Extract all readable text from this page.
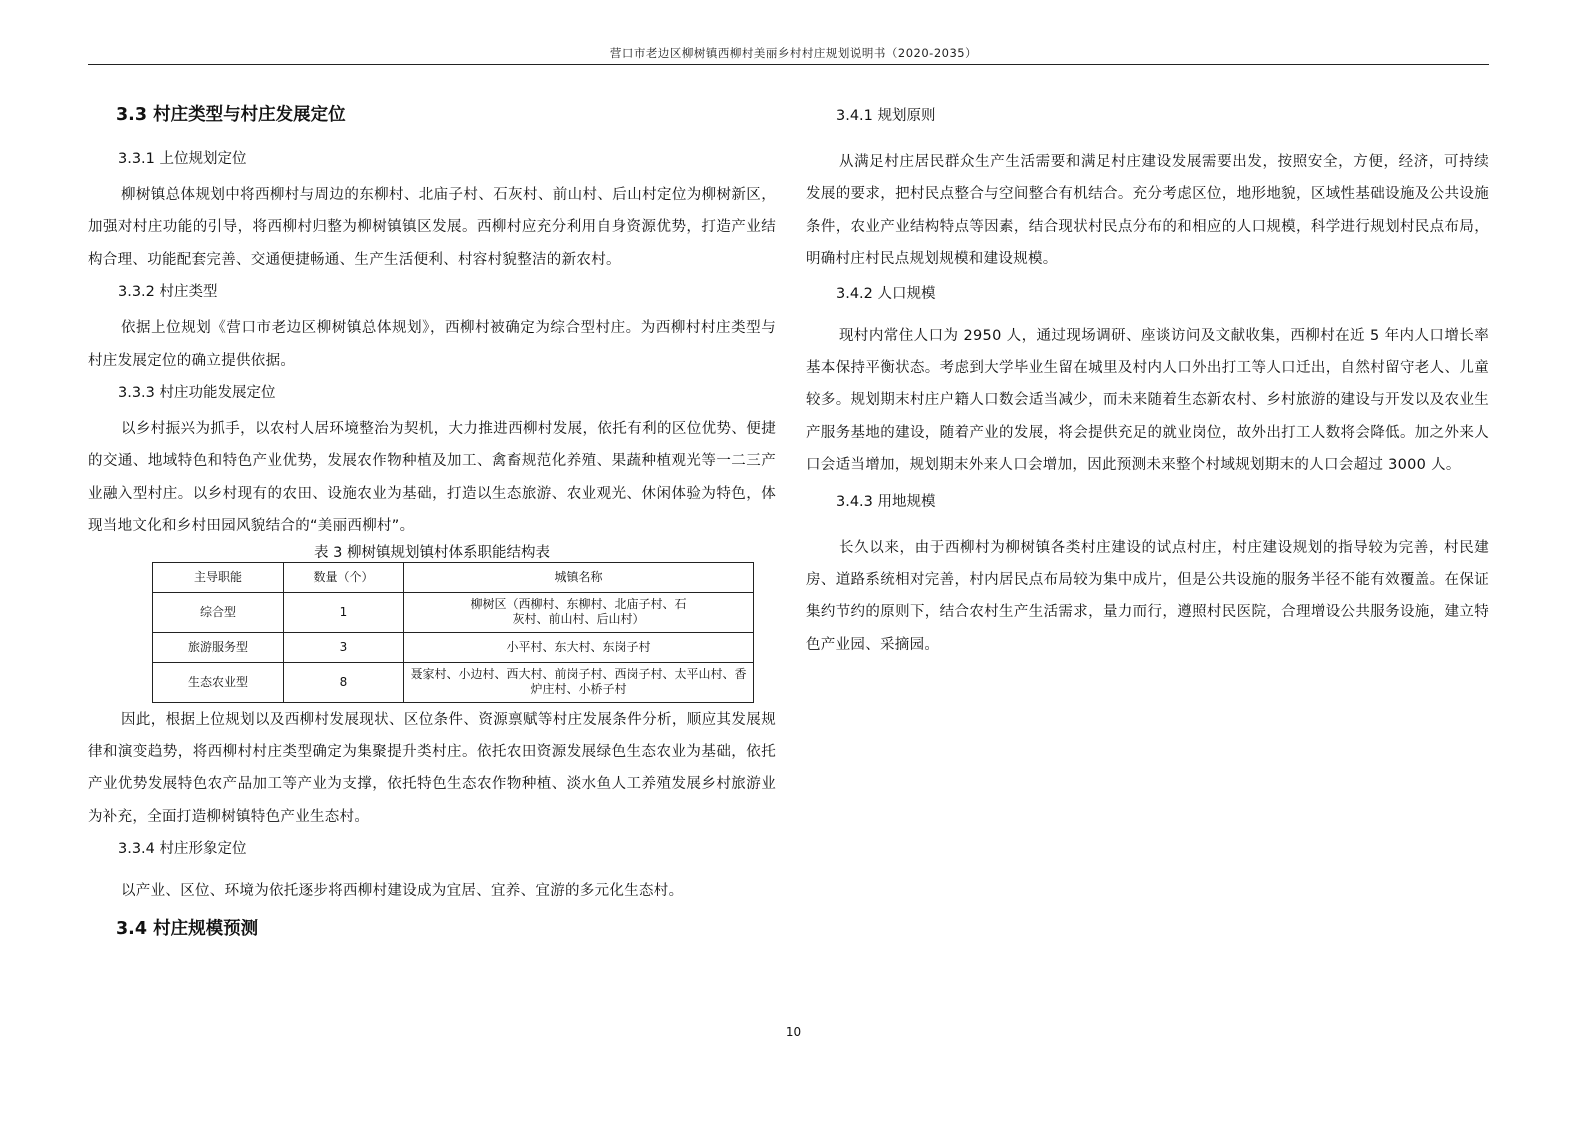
营口市老边区柳树镇西柳村美丽乡村村庄规划说明书（2020-2035）
3.3 村庄类型与村庄发展定位
3.3.1 上位规划定位

柳树镇总体规划中将西柳村与周边的东柳村、北庙子村、石灰村、前山村、后山村定位为柳树新区，加强对村庄功能的引导，将西柳村归整为柳树镇镇区发展。西柳村应充分利用自身资源优势，打造产业结构合理、功能配套完善、交通便捷畅通、生产生活便利、村容村貌整洁的新农村。

3.3.2 村庄类型

依据上位规划《营口市老边区柳树镇总体规划》，西柳村被确定为综合型村庄。为西柳村村庄类型与村庄发展定位的确立提供依据。

3.3.3 村庄功能发展定位

以乡村振兴为抓手，以农村人居环境整治为契机，大力推进西柳村发展，依托有利的区位优势、便捷的交通、地域特色和特色产业优势，发展农作物种植及加工、禽畜规范化养殖、果蔬种植观光等一二三产业融入型村庄。以乡村现有的农田、设施农业为基础，打造以生态旅游、农业观光、休闲体验为特色，体现当地文化和乡村田园风貌结合的“美丽西柳村”。

表 3 柳树镇规划镇村体系职能结构表
主导职能	数量（个）	城镇名称
综合型	1	柳树区（西柳村、东柳村、北庙子村、石灰村、前山村、后山村）
旅游服务型	3	小平村、东大村、东岗子村
生态农业型	8	聂家村、小边村、西大村、前岗子村、西岗子村、太平山村、香炉庄村、小桥子村

因此，根据上位规划以及西柳村发展现状、区位条件、资源禀赋等村庄发展条件分析，顺应其发展规律和演变趋势，将西柳村村庄类型确定为集聚提升类村庄。依托农田资源发展绿色生态农业为基础，依托产业优势发展特色农产品加工等产业为支撑，依托特色生态农作物种植、淡水鱼人工养殖发展乡村旅游业为补充，全面打造柳树镇特色产业生态村。

3.3.4 村庄形象定位

以产业、区位、环境为依托逐步将西柳村建设成为宜居、宜养、宜游的多元化生态村。

3.4 村庄规模预测
3.4.1 规划原则

从满足村庄居民群众生产生活需要和满足村庄建设发展需要出发，按照安全，方便，经济，可持续发展的要求，把村民点整合与空间整合有机结合。充分考虑区位，地形地貌，区域性基础设施及公共设施条件，农业产业结构特点等因素，结合现状村民点分布的和相应的人口规模，科学进行规划村民点布局，明确村庄村民点规划规模和建设规模。

3.4.2 人口规模

现村内常住人口为 2950 人，通过现场调研、座谈访问及文献收集，西柳村在近 5 年内人口增长率基本保持平衡状态。考虑到大学毕业生留在城里及村内人口外出打工等人口迁出，自然村留守老人、儿童较多。规划期末村庄户籍人口数会适当减少，而未来随着生态新农村、乡村旅游的建设与开发以及农业生产服务基地的建设，随着产业的发展，将会提供充足的就业岗位，故外出打工人数将会降低。加之外来人口会适当增加，规划期末外来人口会增加，因此预测未来整个村域规划期末的人口会超过 3000 人。

3.4.3 用地规模

长久以来，由于西柳村为柳树镇各类村庄建设的试点村庄，村庄建设规划的指导较为完善，村民建房、道路系统相对完善，村内居民点布局较为集中成片，但是公共设施的服务半径不能有效覆盖。在保证集约节约的原则下，结合农村生产生活需求，量力而行，遵照村民医院，合理增设公共服务设施，建立特色产业园、采摘园。

10
